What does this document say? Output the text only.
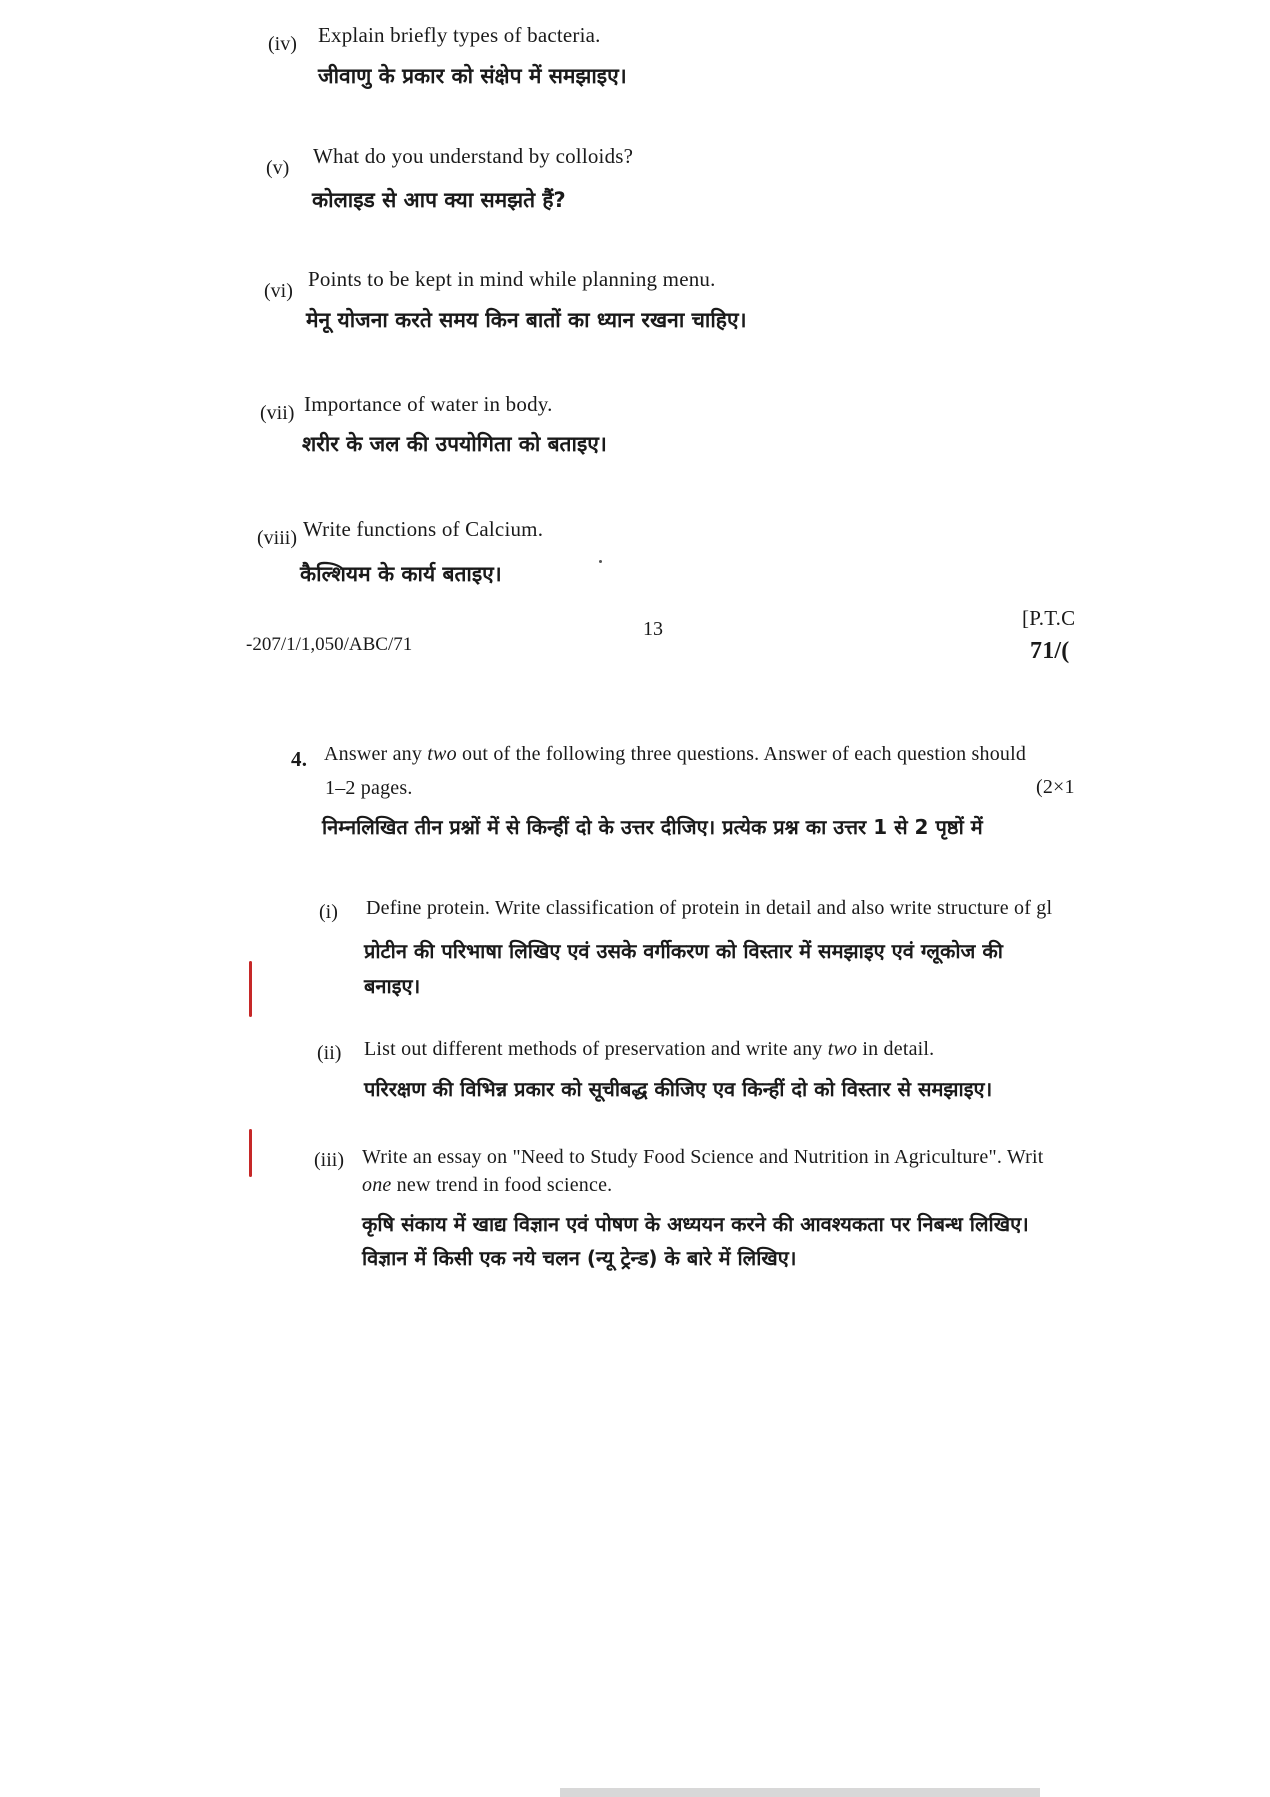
(iv) Explain briefly types of bacteria.
जीवाणु के प्रकार को संक्षेप में समझाइए।
(v) What do you understand by colloids?
कोलाइड से आप क्या समझते हैं?
(vi) Points to be kept in mind while planning menu.
मेनू योजना करते समय किन बातों का ध्यान रखना चाहिए।
(vii) Importance of water in body.
शरीर के जल की उपयोगिता को बताइए।
(viii) Write functions of Calcium.
कैल्शियम के कार्य बताइए।
-207/1/1,050/ABC/71
13	[P.T.C
71/(
4. Answer any two out of the following three questions. Answer of each question should
1–2 pages.	(2×1
निम्नलिखित तीन प्रश्नों में से किन्हीं दो के उत्तर दीजिए। प्रत्येक प्रश्न का उत्तर 1 से 2 पृष्ठों में
(i) Define protein. Write classification of protein in detail and also write structure of gl
प्रोटीन की परिभाषा लिखिए एवं उसके वर्गीकरण को विस्तार में समझाइए एवं ग्लूकोज की
बनाइए।
(ii) List out different methods of preservation and write any two in detail.
परिरक्षण की विभिन्न प्रकार को सूचीबद्ध कीजिए एव किन्हीं दो को विस्तार से समझाइए।
(iii) Write an essay on "Need to Study Food Science and Nutrition in Agriculture". Writ
one new trend in food science.
कृषि संकाय में खाद्य विज्ञान एवं पोषण के अध्ययन करने की आवश्यकता पर निबन्ध लिखिए।
विज्ञान में किसी एक नये चलन (न्यू ट्रेन्ड) के बारे में लिखिए।
